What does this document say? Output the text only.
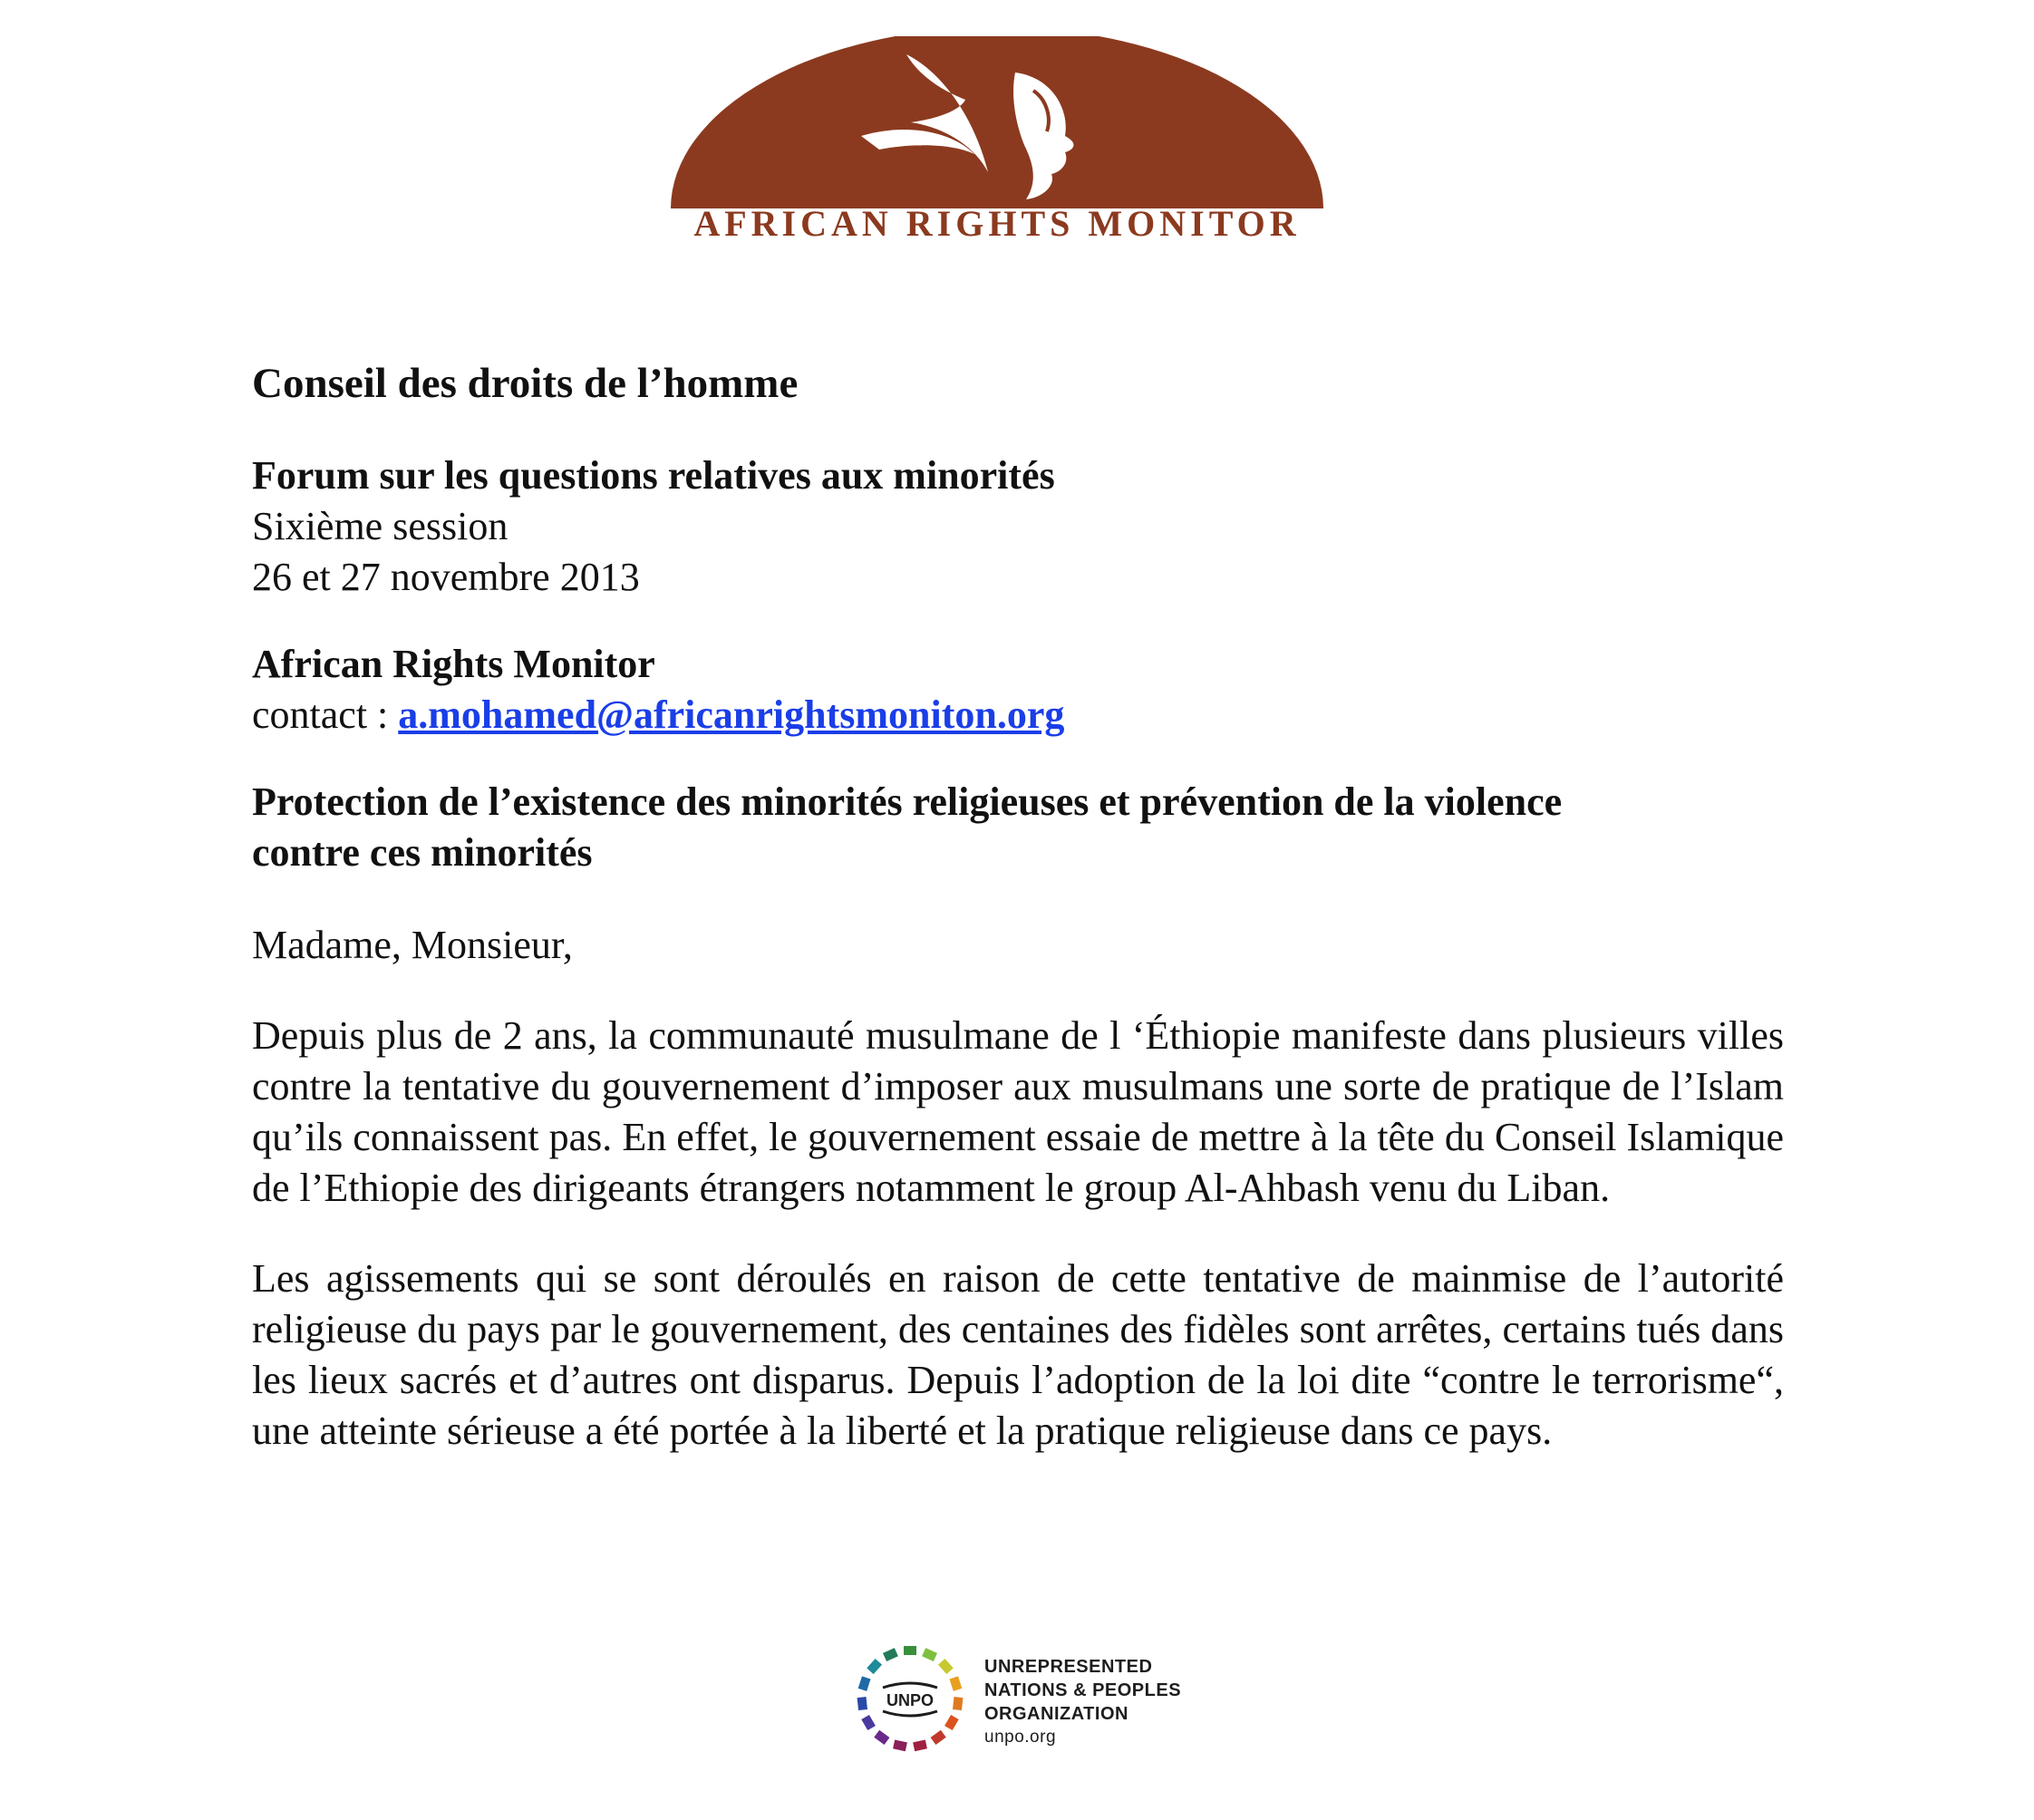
AFRICAN RIGHTS MONITOR
Conseil des droits de l’homme
Forum sur les questions relatives aux minorités
Sixième session
26 et 27 novembre 2013
African Rights Monitor
contact : a.mohamed@africanrightsmoniton.org
Protection de l’existence des minorités religieuses et prévention de la violence
contre ces minorités
Madame, Monsieur,
Depuis plus de 2 ans, la communauté musulmane de l ‘Éthiopie manifeste dans plusieurs villes contre la tentative du gouvernement d’imposer aux musulmans une sorte de pratique de l’Islam qu’ils connaissent pas. En effet, le gouvernement essaie de mettre à la tête du Conseil Islamique de l’Ethiopie des dirigeants étrangers notamment le group Al-Ahbash venu du Liban.
Les agissements qui se sont déroulés en raison de cette tentative de mainmise de l’autorité religieuse du pays par le gouvernement, des centaines des fidèles sont arrêtes, certains tués dans les lieux sacrés et d’autres ont disparus. Depuis l’adoption de la loi dite “contre le terrorisme“, une atteinte sérieuse a été portée à la liberté et la pratique religieuse dans ce pays.
UNPO
UNREPRESENTED
NATIONS & PEOPLES
ORGANIZATION
unpo.org
